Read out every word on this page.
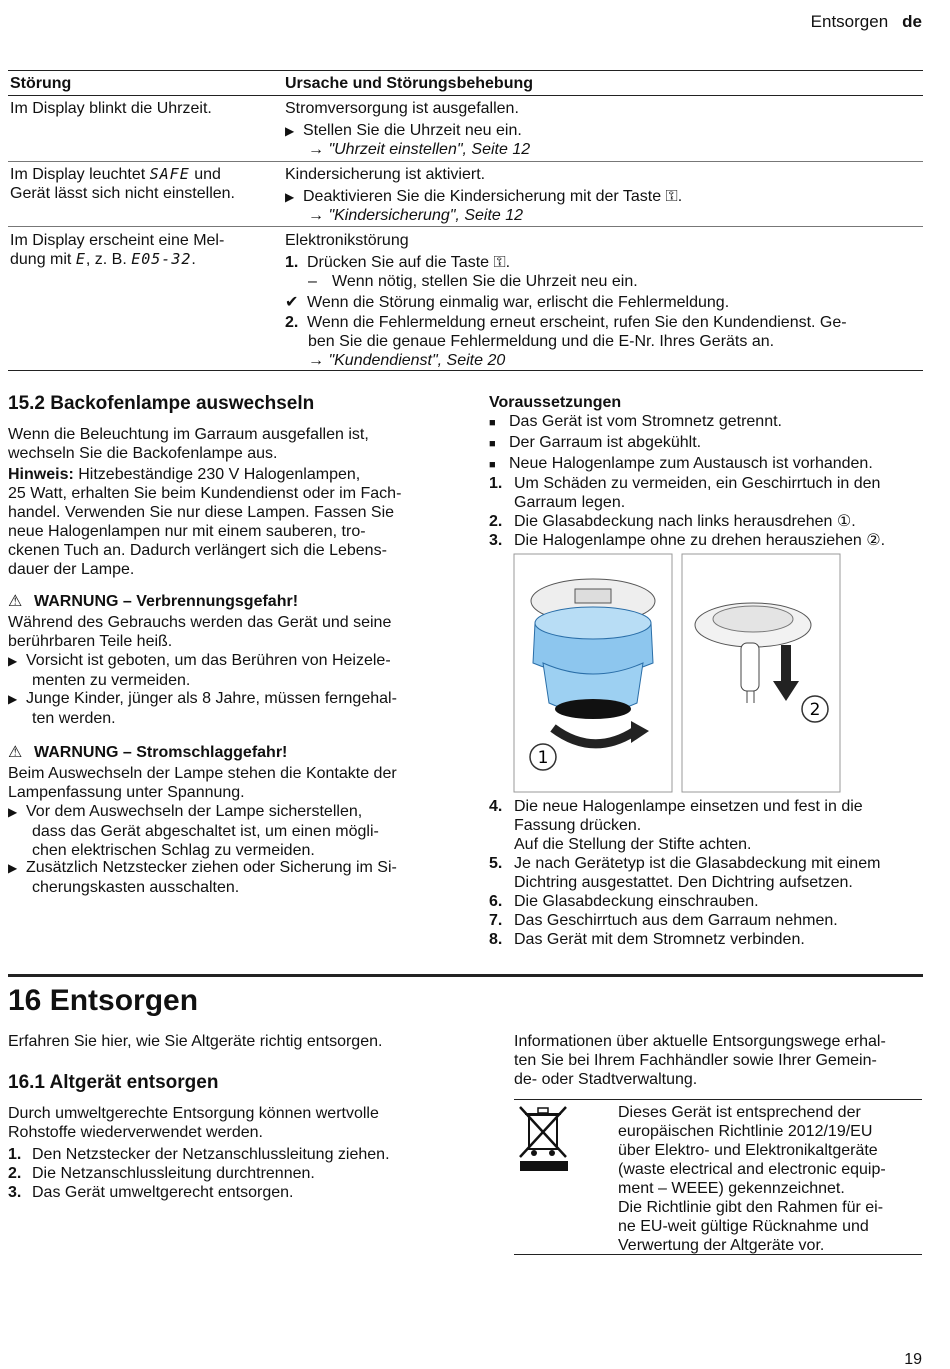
Entsorgen de
Störung	Ursache und Störungsbehebung
Im Display blinkt die Uhrzeit.	Stromversorgung ist ausgefallen.
▶ Stellen Sie die Uhrzeit neu ein.
→ "Uhrzeit einstellen", Seite 12
Im Display leuchtet SAFE und
Gerät lässt sich nicht einstellen.
Kindersicherung ist aktiviert.
▶ Deaktivieren Sie die Kindersicherung mit der Taste ⚿.
→ "Kindersicherung", Seite 12
Im Display erscheint eine Mel-
dung mit E, z. B. E05-32.
Elektronikstörung
1. Drücken Sie auf die Taste ⚿.
– Wenn nötig, stellen Sie die Uhrzeit neu ein.
✔ Wenn die Störung einmalig war, erlischt die Fehlermeldung.
2. Wenn die Fehlermeldung erneut erscheint, rufen Sie den Kundendienst. Ge-
ben Sie die genaue Fehlermeldung und die E-Nr. Ihres Geräts an.
→ "Kundendienst", Seite 20
15.2 Backofenlampe auswechseln
Wenn die Beleuchtung im Garraum ausgefallen ist,
wechseln Sie die Backofenlampe aus.
Hinweis: Hitzebeständige 230 V Halogenlampen,
25 Watt, erhalten Sie beim Kundendienst oder im Fach-
handel. Verwenden Sie nur diese Lampen. Fassen Sie
neue Halogenlampen nur mit einem sauberen, tro-
ckenen Tuch an. Dadurch verlängert sich die Lebens-
dauer der Lampe.
⚠ WARNUNG – Verbrennungsgefahr!
Während des Gebrauchs werden das Gerät und seine
berührbaren Teile heiß.
▶ Vorsicht ist geboten, um das Berühren von Heizele-
menten zu vermeiden.
▶ Junge Kinder, jünger als 8 Jahre, müssen ferngehal-
ten werden.
⚠ WARNUNG – Stromschlaggefahr!
Beim Auswechseln der Lampe stehen die Kontakte der
Lampenfassung unter Spannung.
▶ Vor dem Auswechseln der Lampe sicherstellen,
dass das Gerät abgeschaltet ist, um einen mögli-
chen elektrischen Schlag zu vermeiden.
▶ Zusätzlich Netzstecker ziehen oder Sicherung im Si-
cherungskasten ausschalten.
Voraussetzungen
■ Das Gerät ist vom Stromnetz getrennt.
■ Der Garraum ist abgekühlt.
■ Neue Halogenlampe zum Austausch ist vorhanden.
1. Um Schäden zu vermeiden, ein Geschirrtuch in den
Garraum legen.
2. Die Glasabdeckung nach links herausdrehen ①.
3. Die Halogenlampe ohne zu drehen herausziehen ②.
1
2
4. Die neue Halogenlampe einsetzen und fest in die
Fassung drücken.
Auf die Stellung der Stifte achten.
5. Je nach Gerätetyp ist die Glasabdeckung mit einem
Dichtring ausgestattet. Den Dichtring aufsetzen.
6. Die Glasabdeckung einschrauben.
7. Das Geschirrtuch aus dem Garraum nehmen.
8. Das Gerät mit dem Stromnetz verbinden.
16 Entsorgen
Erfahren Sie hier, wie Sie Altgeräte richtig entsorgen.
16.1 Altgerät entsorgen
Durch umweltgerechte Entsorgung können wertvolle
Rohstoffe wiederverwendet werden.
1. Den Netzstecker der Netzanschlussleitung ziehen.
2. Die Netzanschlussleitung durchtrennen.
3. Das Gerät umweltgerecht entsorgen.
Informationen über aktuelle Entsorgungswege erhal-
ten Sie bei Ihrem Fachhändler sowie Ihrer Gemein-
de- oder Stadtverwaltung.
Dieses Gerät ist entsprechend der
europäischen Richtlinie 2012/19/EU
über Elektro- und Elektronikaltgeräte
(waste electrical and electronic equip-
ment – WEEE) gekennzeichnet.
Die Richtlinie gibt den Rahmen für ei-
ne EU-weit gültige Rücknahme und
Verwertung der Altgeräte vor.
19
